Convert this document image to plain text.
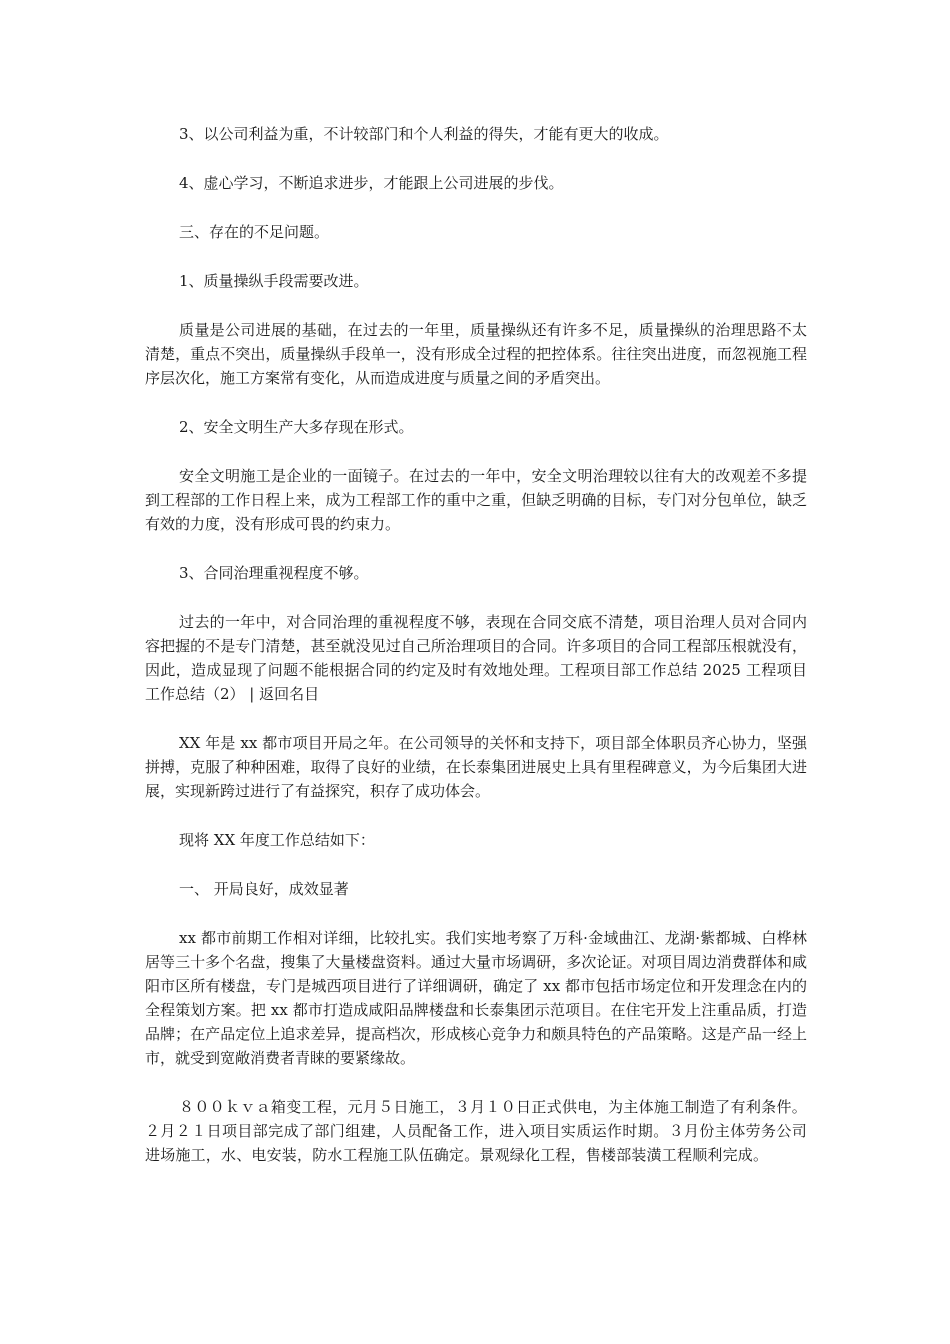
3、以公司利益为重，不计较部门和个人利益的得失，才能有更大的收成。

4、虚心学习，不断追求进步，才能跟上公司进展的步伐。

三、存在的不足问题。

1、质量操纵手段需要改进。

质量是公司进展的基础，在过去的一年里，质量操纵还有许多不足，质量操纵的治理思路不太清楚，重点不突出，质量操纵手段单一，没有形成全过程的把控体系。往往突出进度，而忽视施工程序层次化，施工方案常有变化，从而造成进度与质量之间的矛盾突出。

2、安全文明生产大多存现在形式。

安全文明施工是企业的一面镜子。在过去的一年中，安全文明治理较以往有大的改观差不多提到工程部的工作日程上来，成为工程部工作的重中之重，但缺乏明确的目标，专门对分包单位，缺乏有效的力度，没有形成可畏的约束力。

3、合同治理重视程度不够。

过去的一年中，对合同治理的重视程度不够，表现在合同交底不清楚，项目治理人员对合同内容把握的不是专门清楚，甚至就没见过自己所治理项目的合同。许多项目的合同工程部压根就没有，因此，造成显现了问题不能根据合同的约定及时有效地处理。工程项目部工作总结 2025 工程项目工作总结（2） | 返回名目

XX 年是 xx 都市项目开局之年。在公司领导的关怀和支持下，项目部全体职员齐心协力，坚强拼搏，克服了种种困难，取得了良好的业绩，在长泰集团进展史上具有里程碑意义，为今后集团大进展，实现新跨过进行了有益探究，积存了成功体会。

现将 XX 年度工作总结如下：

一、 开局良好，成效显著

xx 都市前期工作相对详细，比较扎实。我们实地考察了万科·金域曲江、龙湖·紫都城、白桦林居等三十多个名盘，搜集了大量楼盘资料。通过大量市场调研，多次论证。对项目周边消费群体和咸阳市区所有楼盘，专门是城西项目进行了详细调研，确定了 xx 都市包括市场定位和开发理念在内的全程策划方案。把 xx 都市打造成咸阳品牌楼盘和长泰集团示范项目。在住宅开发上注重品质，打造品牌；在产品定位上追求差异，提高档次，形成核心竞争力和颇具特色的产品策略。这是产品一经上市，就受到宽敞消费者青睐的要紧缘故。

８００ｋｖａ箱变工程，元月５日施工，３月１０日正式供电，为主体施工制造了有利条件。２月２１日项目部完成了部门组建，人员配备工作，进入项目实质运作时期。３月份主体劳务公司进场施工，水、电安装，防水工程施工队伍确定。景观绿化工程，售楼部装潢工程顺利完成。
